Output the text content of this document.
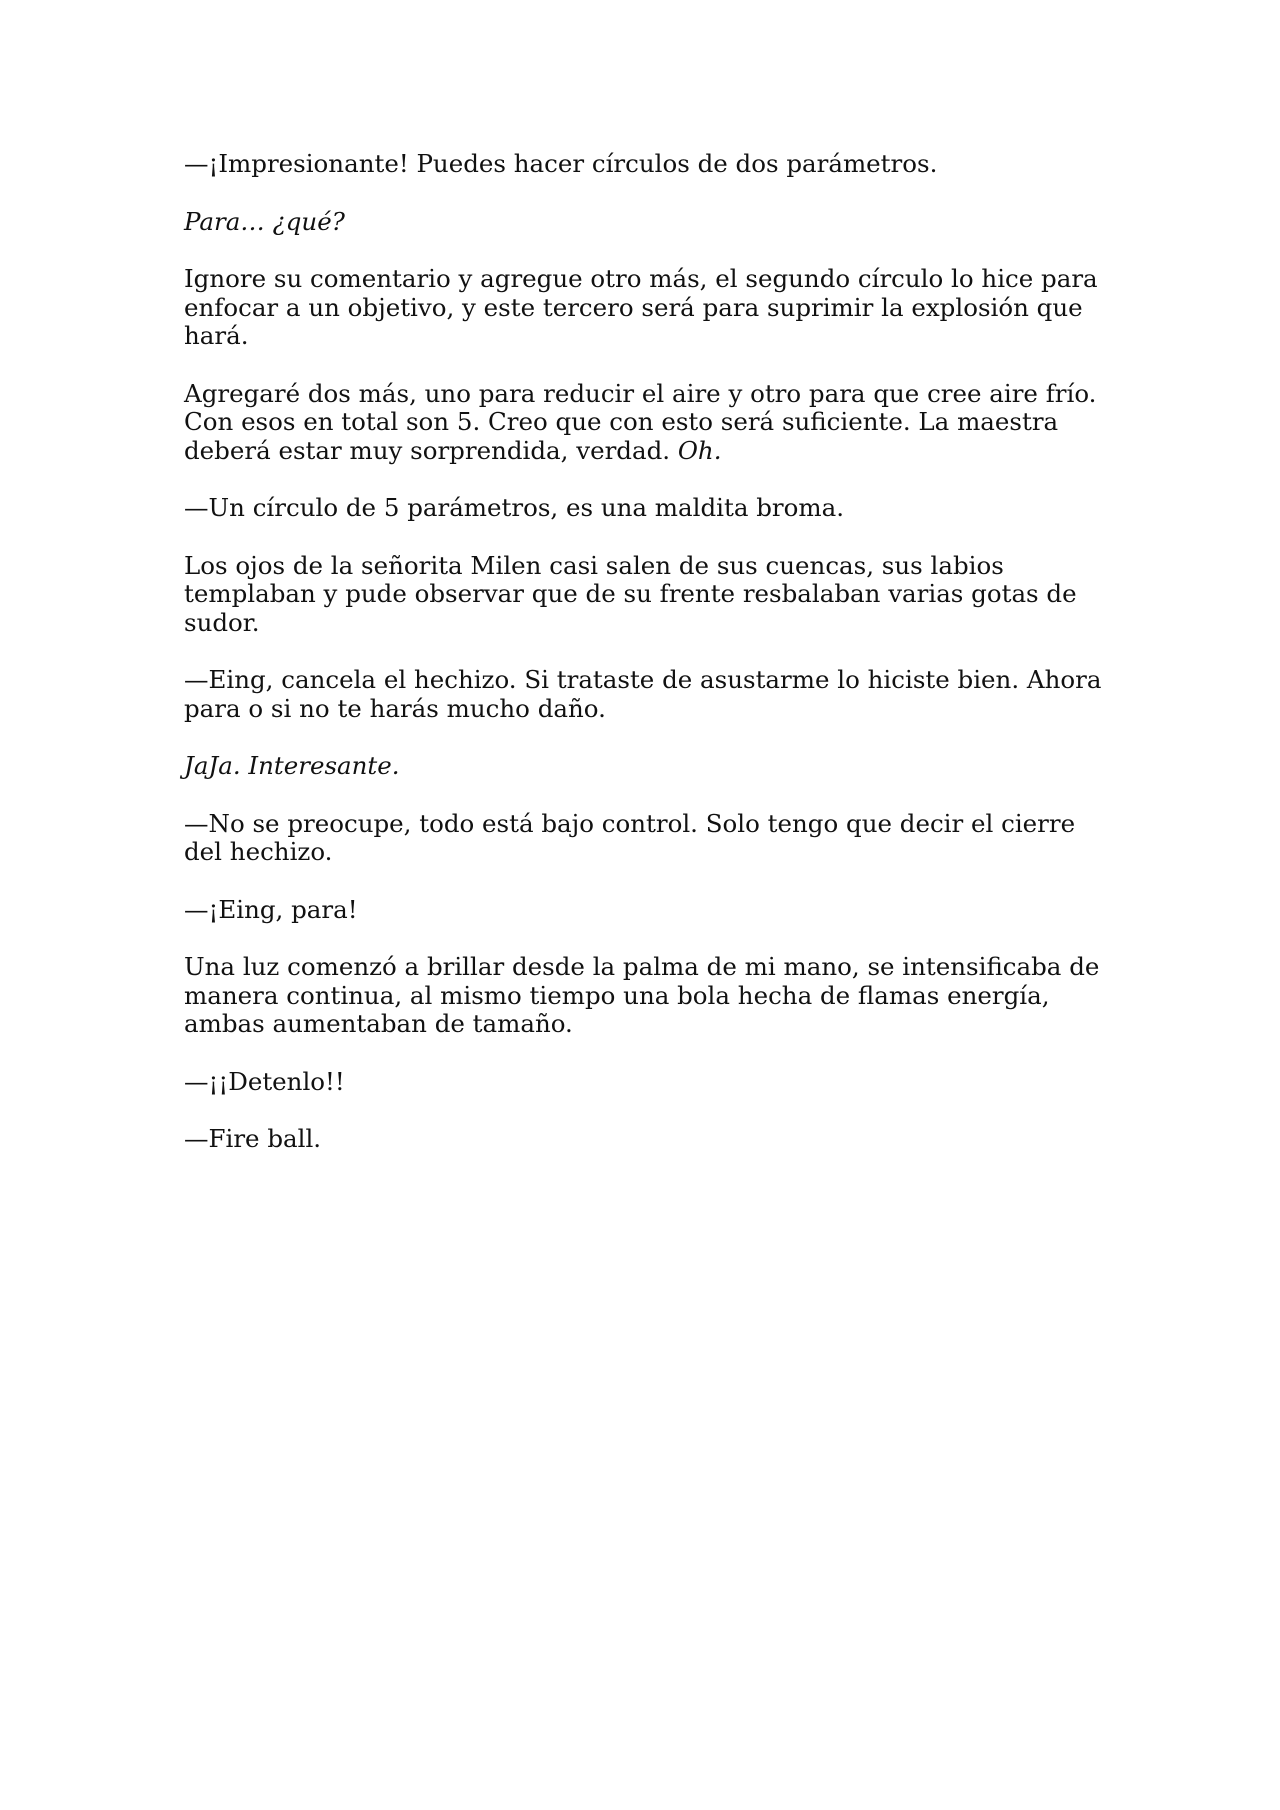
—¡Impresionante! Puedes hacer círculos de dos parámetros.

Para… ¿qué?

Ignore su comentario y agregue otro más, el segundo círculo lo hice para enfocar a un objetivo, y este tercero será para suprimir la explosión que hará.

Agregaré dos más, uno para reducir el aire y otro para que cree aire frío. Con esos en total son 5. Creo que con esto será suficiente. La maestra deberá estar muy sorprendida, verdad. Oh.

—Un círculo de 5 parámetros, es una maldita broma.

Los ojos de la señorita Milen casi salen de sus cuencas, sus labios templaban y pude observar que de su frente resbalaban varias gotas de sudor.

—Eing, cancela el hechizo. Si trataste de asustarme lo hiciste bien. Ahora para o si no te harás mucho daño.

JaJa. Interesante.

—No se preocupe, todo está bajo control. Solo tengo que decir el cierre del hechizo.

—¡Eing, para!

Una luz comenzó a brillar desde la palma de mi mano, se intensificaba de manera continua, al mismo tiempo una bola hecha de flamas energía, ambas aumentaban de tamaño.

—¡¡Detenlo!!

—Fire ball.
